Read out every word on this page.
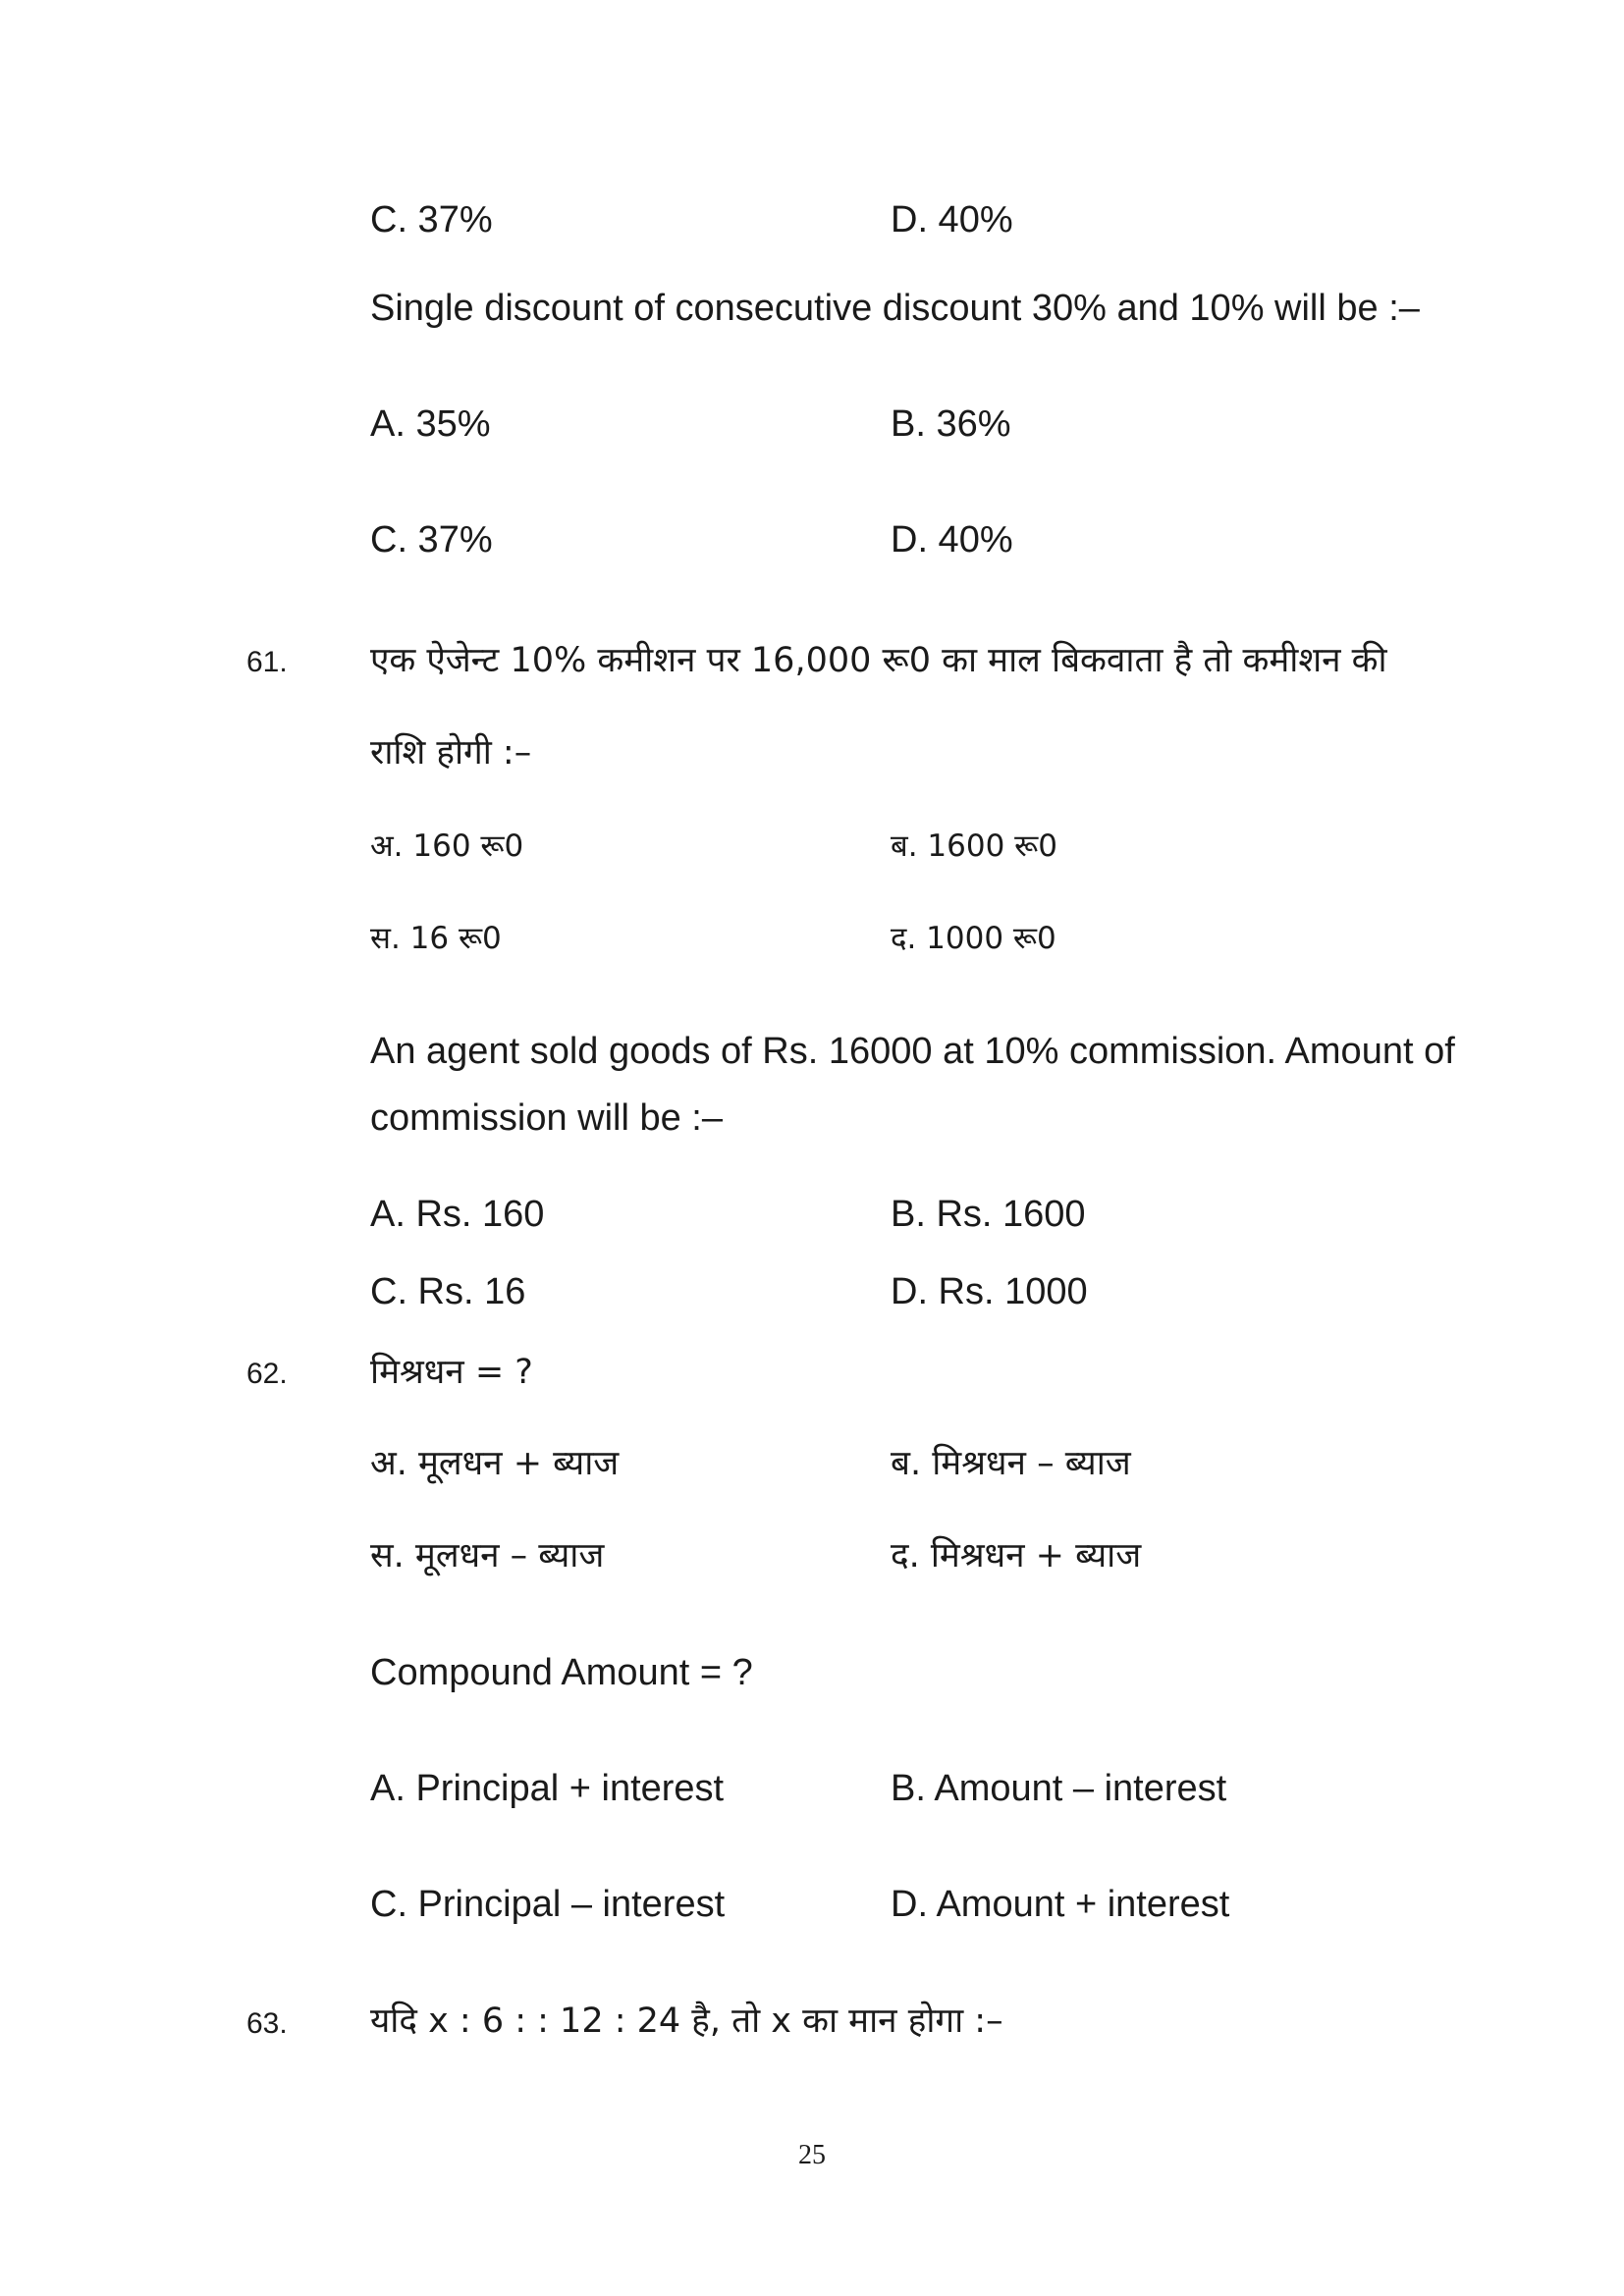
C. 37%	D. 40%
Single discount of consecutive discount 30% and 10% will be :–
A. 35%	B. 36%
C. 37%	D. 40%
61. एक ऐजेन्ट 10% कमीशन पर 16,000 रू0 का माल बिकवाता है तो कमीशन की
राशि होगी :–
अ. 160 रू0	ब. 1600 रू0
स. 16 रू0	द. 1000 रू0
An agent sold goods of Rs. 16000 at 10% commission. Amount of
commission will be :–
A. Rs. 160	B. Rs. 1600
C. Rs. 16	D. Rs. 1000
62. मिश्रधन = ?
अ. मूलधन + ब्याज	ब. मिश्रधन – ब्याज
स. मूलधन – ब्याज	द. मिश्रधन + ब्याज
Compound Amount = ?
A. Principal + interest	B. Amount – interest
C. Principal – interest	D. Amount + interest
63. यदि x : 6 : : 12 : 24 है, तो x का मान होगा :–
25
